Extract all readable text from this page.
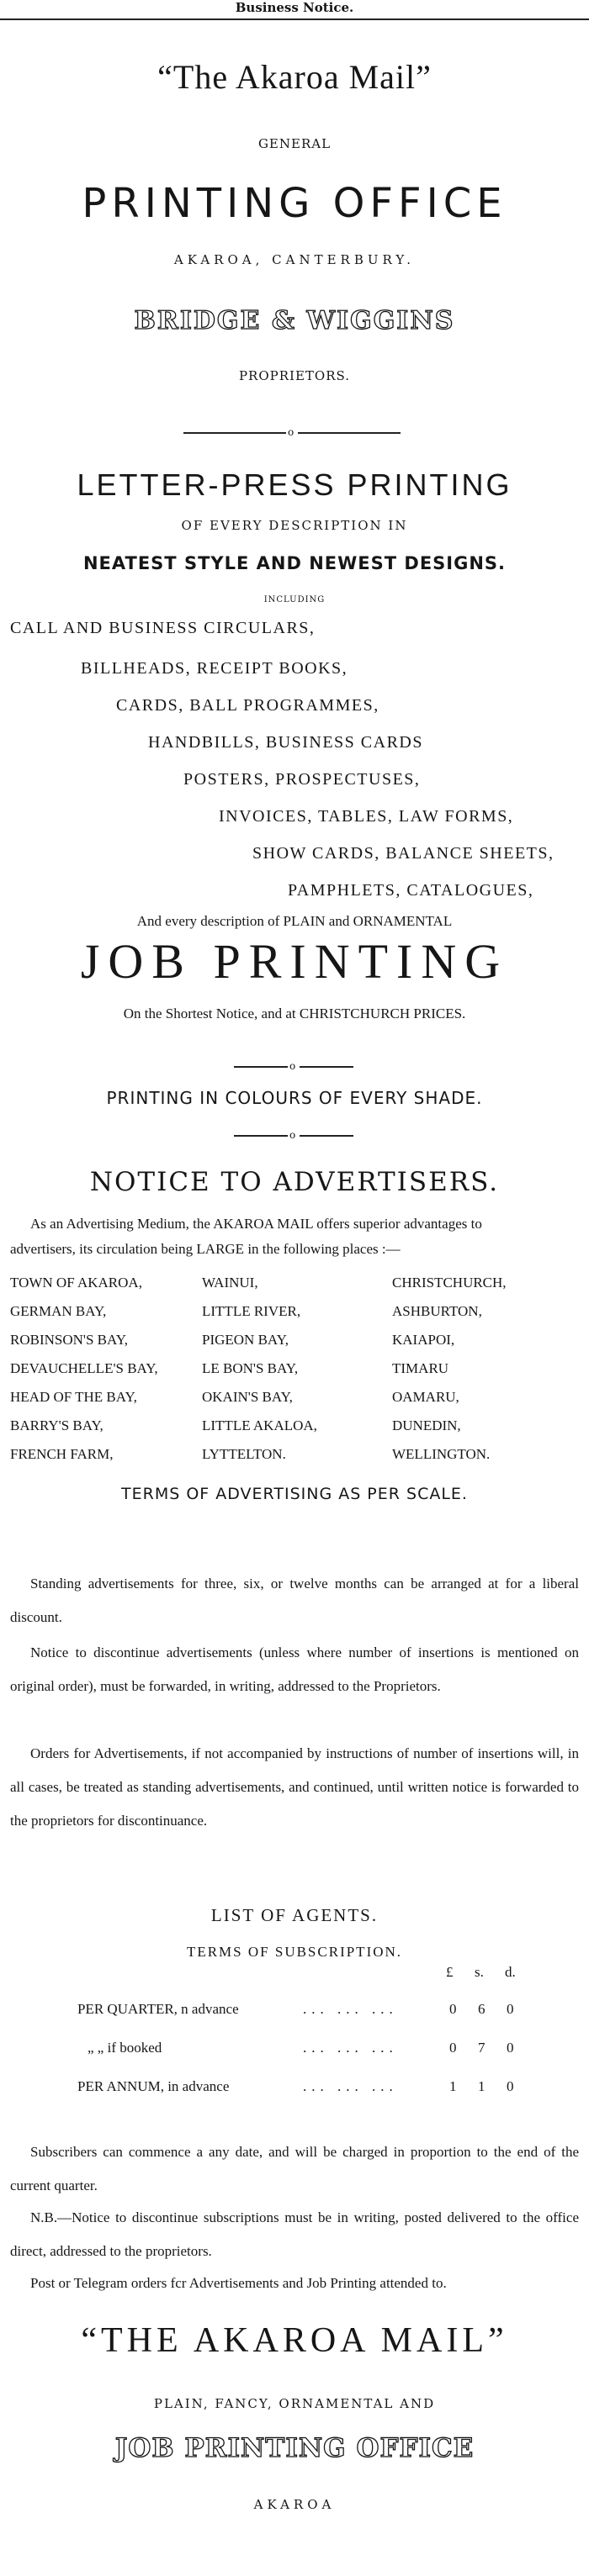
Business Notice.
“The Akaroa Mail”
GENERAL
PRINTING OFFICE
AKAROA, CANTERBURY.
BRIDGE & WIGGINS
PROPRIETORS.
o
LETTER-PRESS PRINTING
OF EVERY DESCRIPTION IN
NEATEST STYLE AND NEWEST DESIGNS.
INCLUDING
CALL AND BUSINESS CIRCULARS,
BILLHEADS, RECEIPT BOOKS,
CARDS, BALL PROGRAMMES,
HANDBILLS, BUSINESS CARDS
POSTERS, PROSPECTUSES,
INVOICES, TABLES, LAW FORMS,
SHOW CARDS, BALANCE SHEETS,
PAMPHLETS, CATALOGUES,
And every description of PLAIN and ORNAMENTAL
JOB PRINTING
On the Shortest Notice, and at CHRISTCHURCH PRICES.
o
PRINTING IN COLOURS OF EVERY SHADE.
o
NOTICE TO ADVERTISERS.
As an Advertising Medium, the AKAROA MAIL offers superior advantages to
advertisers, its circulation being LARGE in the following places :—
TOWN OF AKAROA,	WAINUI,	CHRISTCHURCH,
GERMAN BAY,	LITTLE RIVER,	ASHBURTON,
ROBINSON'S BAY,	PIGEON BAY,	KAIAPOI,
DEVAUCHELLE'S BAY,	LE BON'S BAY,	TIMARU
HEAD OF THE BAY,	OKAIN'S BAY,	OAMARU,
BARRY'S BAY,	LITTLE AKALOA,	DUNEDIN,
FRENCH FARM,	LYTTELTON.	WELLINGTON.
TERMS OF ADVERTISING AS PER SCALE.
Standing advertisements for three, six, or twelve months can be arranged at for a liberal discount.
Notice to discontinue advertisements (unless where number of insertions is mentioned on original order), must be forwarded, in writing, addressed to the Proprietors.
Orders for Advertisements, if not accompanied by instructions of number of insertions will, in all cases, be treated as standing advertisements, and continued, until written notice is forwarded to the proprietors for discontinuance.
LIST OF AGENTS.
TERMS OF SUBSCRIPTION.
£ s. d.
PER QUARTER, n advance	... ... ...	0 6 0
„ „ if booked	... ... ...	0 7 0
PER ANNUM, in advance	... ... ...	1 1 0
Subscribers can commence a any date, and will be charged in proportion to the end of the current quarter.
N.B.—Notice to discontinue subscriptions must be in writing, posted delivered to the office direct, addressed to the proprietors.
Post or Telegram orders fcr Advertisements and Job Printing attended to.
“THE AKAROA MAIL”
PLAIN, FANCY, ORNAMENTAL AND
JOB PRINTING OFFICE
AKAROA
